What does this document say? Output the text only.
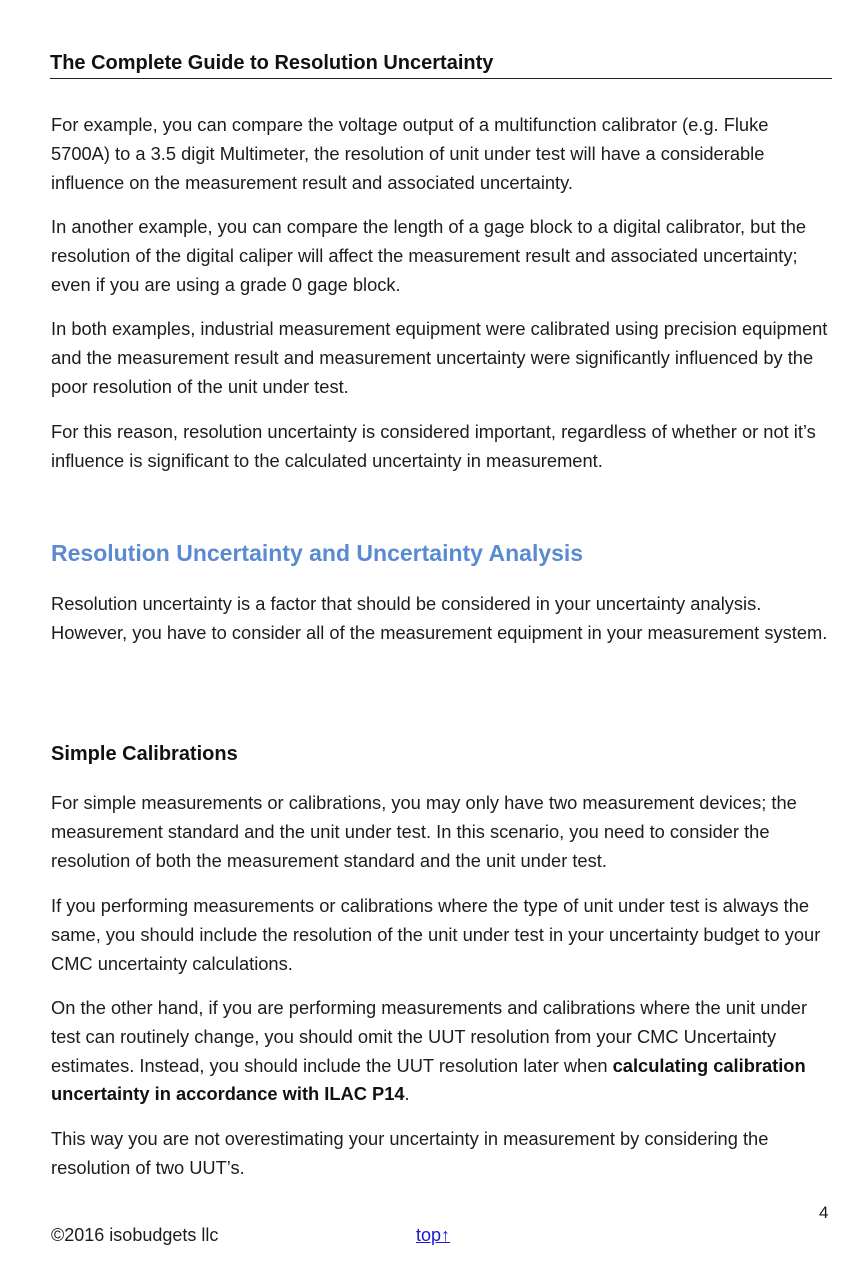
The Complete Guide to Resolution Uncertainty

For example, you can compare the voltage output of a multifunction calibrator (e.g. Fluke 5700A) to a 3.5 digit Multimeter, the resolution of unit under test will have a considerable influence on the measurement result and associated uncertainty.

In another example, you can compare the length of a gage block to a digital calibrator, but the resolution of the digital caliper will affect the measurement result and associated uncertainty; even if you are using a grade 0 gage block.

In both examples, industrial measurement equipment were calibrated using precision equipment and the measurement result and measurement uncertainty were significantly influenced by the poor resolution of the unit under test.

For this reason, resolution uncertainty is considered important, regardless of whether or not it’s influence is significant to the calculated uncertainty in measurement.

Resolution Uncertainty and Uncertainty Analysis

Resolution uncertainty is a factor that should be considered in your uncertainty analysis. However, you have to consider all of the measurement equipment in your measurement system.

Simple Calibrations

For simple measurements or calibrations, you may only have two measurement devices; the measurement standard and the unit under test. In this scenario, you need to consider the resolution of both the measurement standard and the unit under test.

If you performing measurements or calibrations where the type of unit under test is always the same, you should include the resolution of the unit under test in your uncertainty budget to your CMC uncertainty calculations.

On the other hand, if you are performing measurements and calibrations where the unit under test can routinely change, you should omit the UUT resolution from your CMC Uncertainty estimates. Instead, you should include the UUT resolution later when calculating calibration uncertainty in accordance with ILAC P14.

This way you are not overestimating your uncertainty in measurement by considering the resolution of two UUT’s.

4
©2016 isobudgets llc	top↑
